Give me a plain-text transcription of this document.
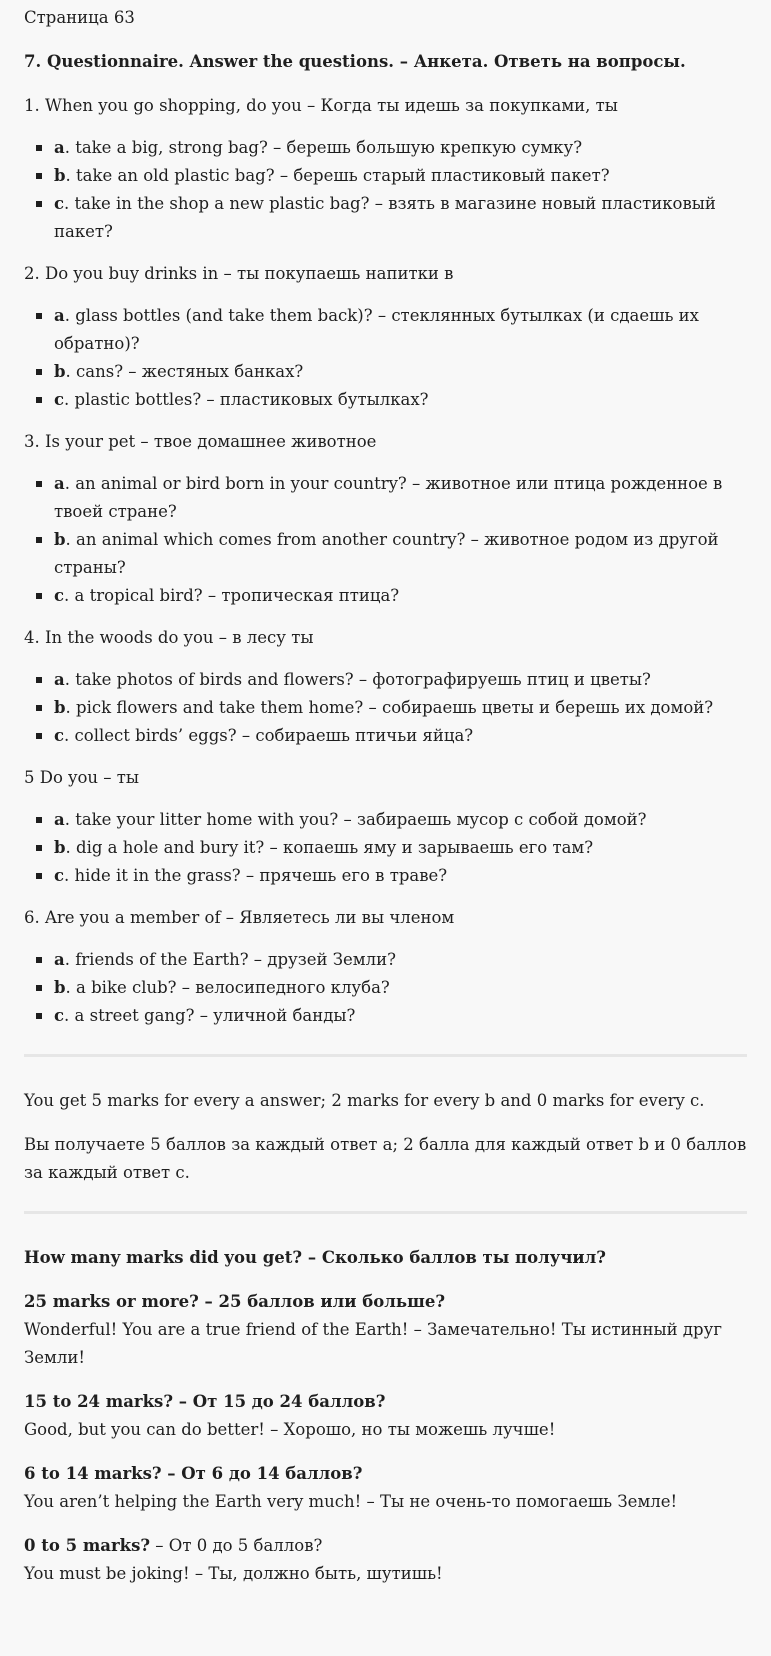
Страница 63
7. Questionnaire. Answer the questions. – Анкета. Ответь на вопросы.
1. When you go shopping, do you – Когда ты идешь за покупками, ты
a. take a big, strong bag? – берешь большую крепкую сумку?
b. take an old plastic bag? – берешь старый пластиковый пакет?
c. take in the shop a new plastic bag? – взять в магазине новый пластиковый пакет?
2. Do you buy drinks in – ты покупаешь напитки в
a. glass bottles (and take them back)? – стеклянных бутылках (и сдаешь их обратно)?
b. cans? – жестяных банках?
c. plastic bottles? – пластиковых бутылках?
3. Is your pet – твое домашнее животное
a. an animal or bird born in your country? – животное или птица рожденное в твоей стране?
b. an animal which comes from another country? – животное родом из другой страны?
c. a tropical bird? – тропическая птица?
4. In the woods do you – в лесу ты
a. take photos of birds and flowers? – фотографируешь птиц и цветы?
b. pick flowers and take them home? – собираешь цветы и берешь их домой?
c. collect birds’ eggs? – собираешь птичьи яйца?
5 Do you – ты
a. take your litter home with you? – забираешь мусор с собой домой?
b. dig a hole and bury it? – копаешь яму и зарываешь его там?
c. hide it in the grass? – прячешь его в траве?
6. Are you a member of – Являетесь ли вы членом
a. friends of the Earth? – друзей Земли?
b. a bike club? – велосипедного клуба?
c. a street gang? – уличной банды?

You get 5 marks for every a answer; 2 marks for every b and 0 marks for every c.

Вы получаете 5 баллов за каждый ответ а; 2 балла для каждый ответ b и 0 баллов за каждый ответ c.

How many marks did you get? – Сколько баллов ты получил?

25 marks or more? – 25 баллов или больше?
Wonderful! You are a true friend of the Earth! – Замечательно! Ты истинный друг Земли!
15 to 24 marks? – От 15 до 24 баллов?
Good, but you can do better! – Хорошо, но ты можешь лучше!
6 to 14 marks? – От 6 до 14 баллов?
You aren’t helping the Earth very much! – Ты не очень-то помогаешь Земле!
0 to 5 marks? – От 0 до 5 баллов?
You must be joking! – Ты, должно быть, шутишь!
